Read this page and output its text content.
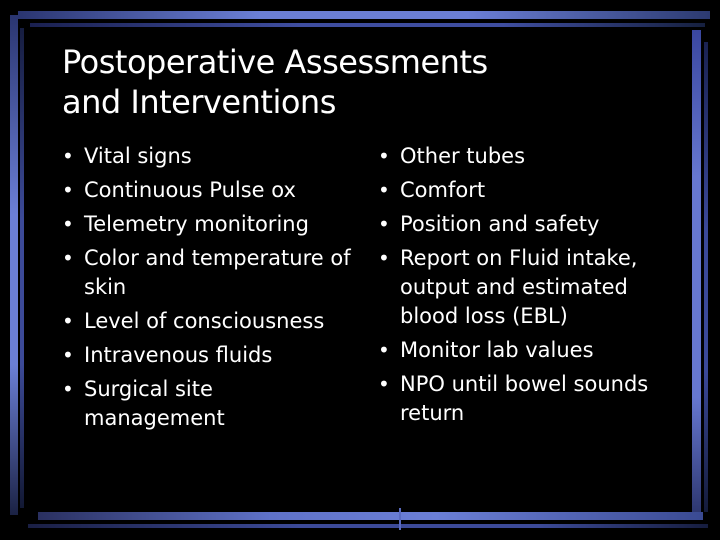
Postoperative Assessments
and Interventions
• Vital signs
• Continuous Pulse ox
• Telemetry monitoring
• Color and temperature of skin
• Level of consciousness
• Intravenous fluids
• Surgical site management
• Other tubes
• Comfort
• Position and safety
• Report on Fluid intake, output and estimated blood loss (EBL)
• Monitor lab values
• NPO until bowel sounds return
